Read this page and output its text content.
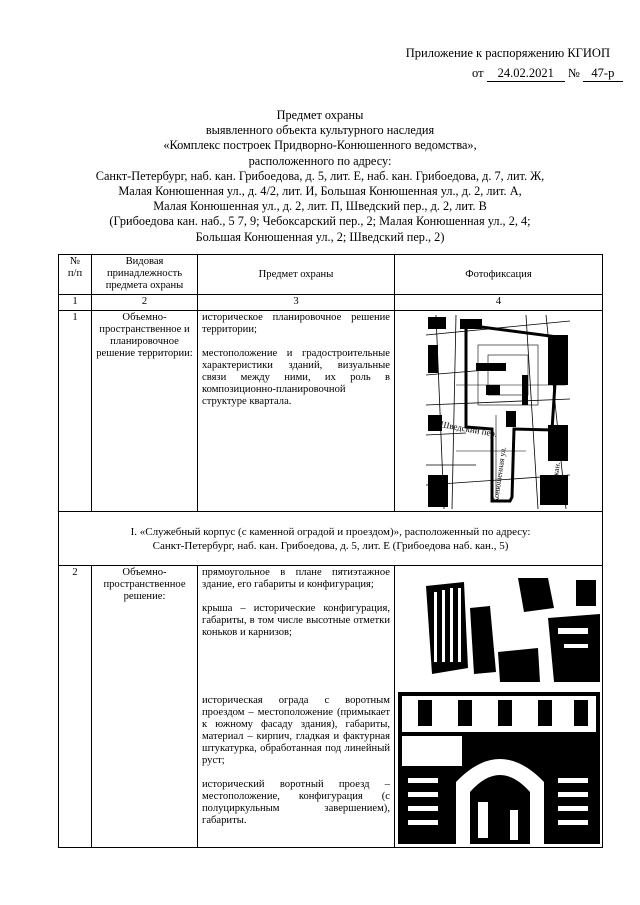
Приложение к распоряжению КГИОП
от 24.02.2021 № 47-р
Предмет охраны
выявленного объекта культурного наследия
«Комплекс построек Придворно-Конюшенного ведомства»,
расположенного по адресу:
Санкт-Петербург, наб. кан. Грибоедова, д. 5, лит. Е, наб. кан. Грибоедова, д. 7, лит. Ж,
Малая Конюшенная ул., д. 4/2, лит. И, Большая Конюшенная ул., д. 2, лит. А,
Малая Конюшенная ул., д. 2, лит. П, Шведский пер., д. 2, лит. В
(Грибоедова кан. наб., 5 7, 9; Чебоксарский пер., 2; Малая Конюшенная ул., 2, 4;
Большая Конюшенная ул., 2; Шведский пер., 2)
№
п/п	Видовая принадлежность предмета охраны	Предмет охраны	Фотофиксация
1	2	3	4
1	Объемно-пространственное и планировочное решение территории:	историческое планировочное решение территории;

местоположение и градостроительные характеристики зданий, визуальные связи между ними, их роль в композиционно-планировочной структуре квартала.	

I. «Служебный корпус (с каменной оградой и проездом)», расположенный по адресу:
Санкт-Петербург, наб. кан. Грибоедова, д. 5, лит. Е (Грибоедова наб. кан., 5)			

2	Объемно-пространственное решение:	прямоугольное в плане пятиэтажное здание, его габариты и конфигурация;

крыша – исторические конфигурация, габариты, в том числе высотные отметки коньков и карнизов;

историческая ограда с воротным проездом – местоположение (примыкает к южному фасаду здания), габариты, материал – кирпич, гладкая и фактурная штукатурка, обработанная под линейный руст;

исторический воротный проезд – местоположение, конфигурация (с полуциркульным завершением), габариты.	

Шведский пер.
Конюшенная ул.	Конюш. кан. наб.
